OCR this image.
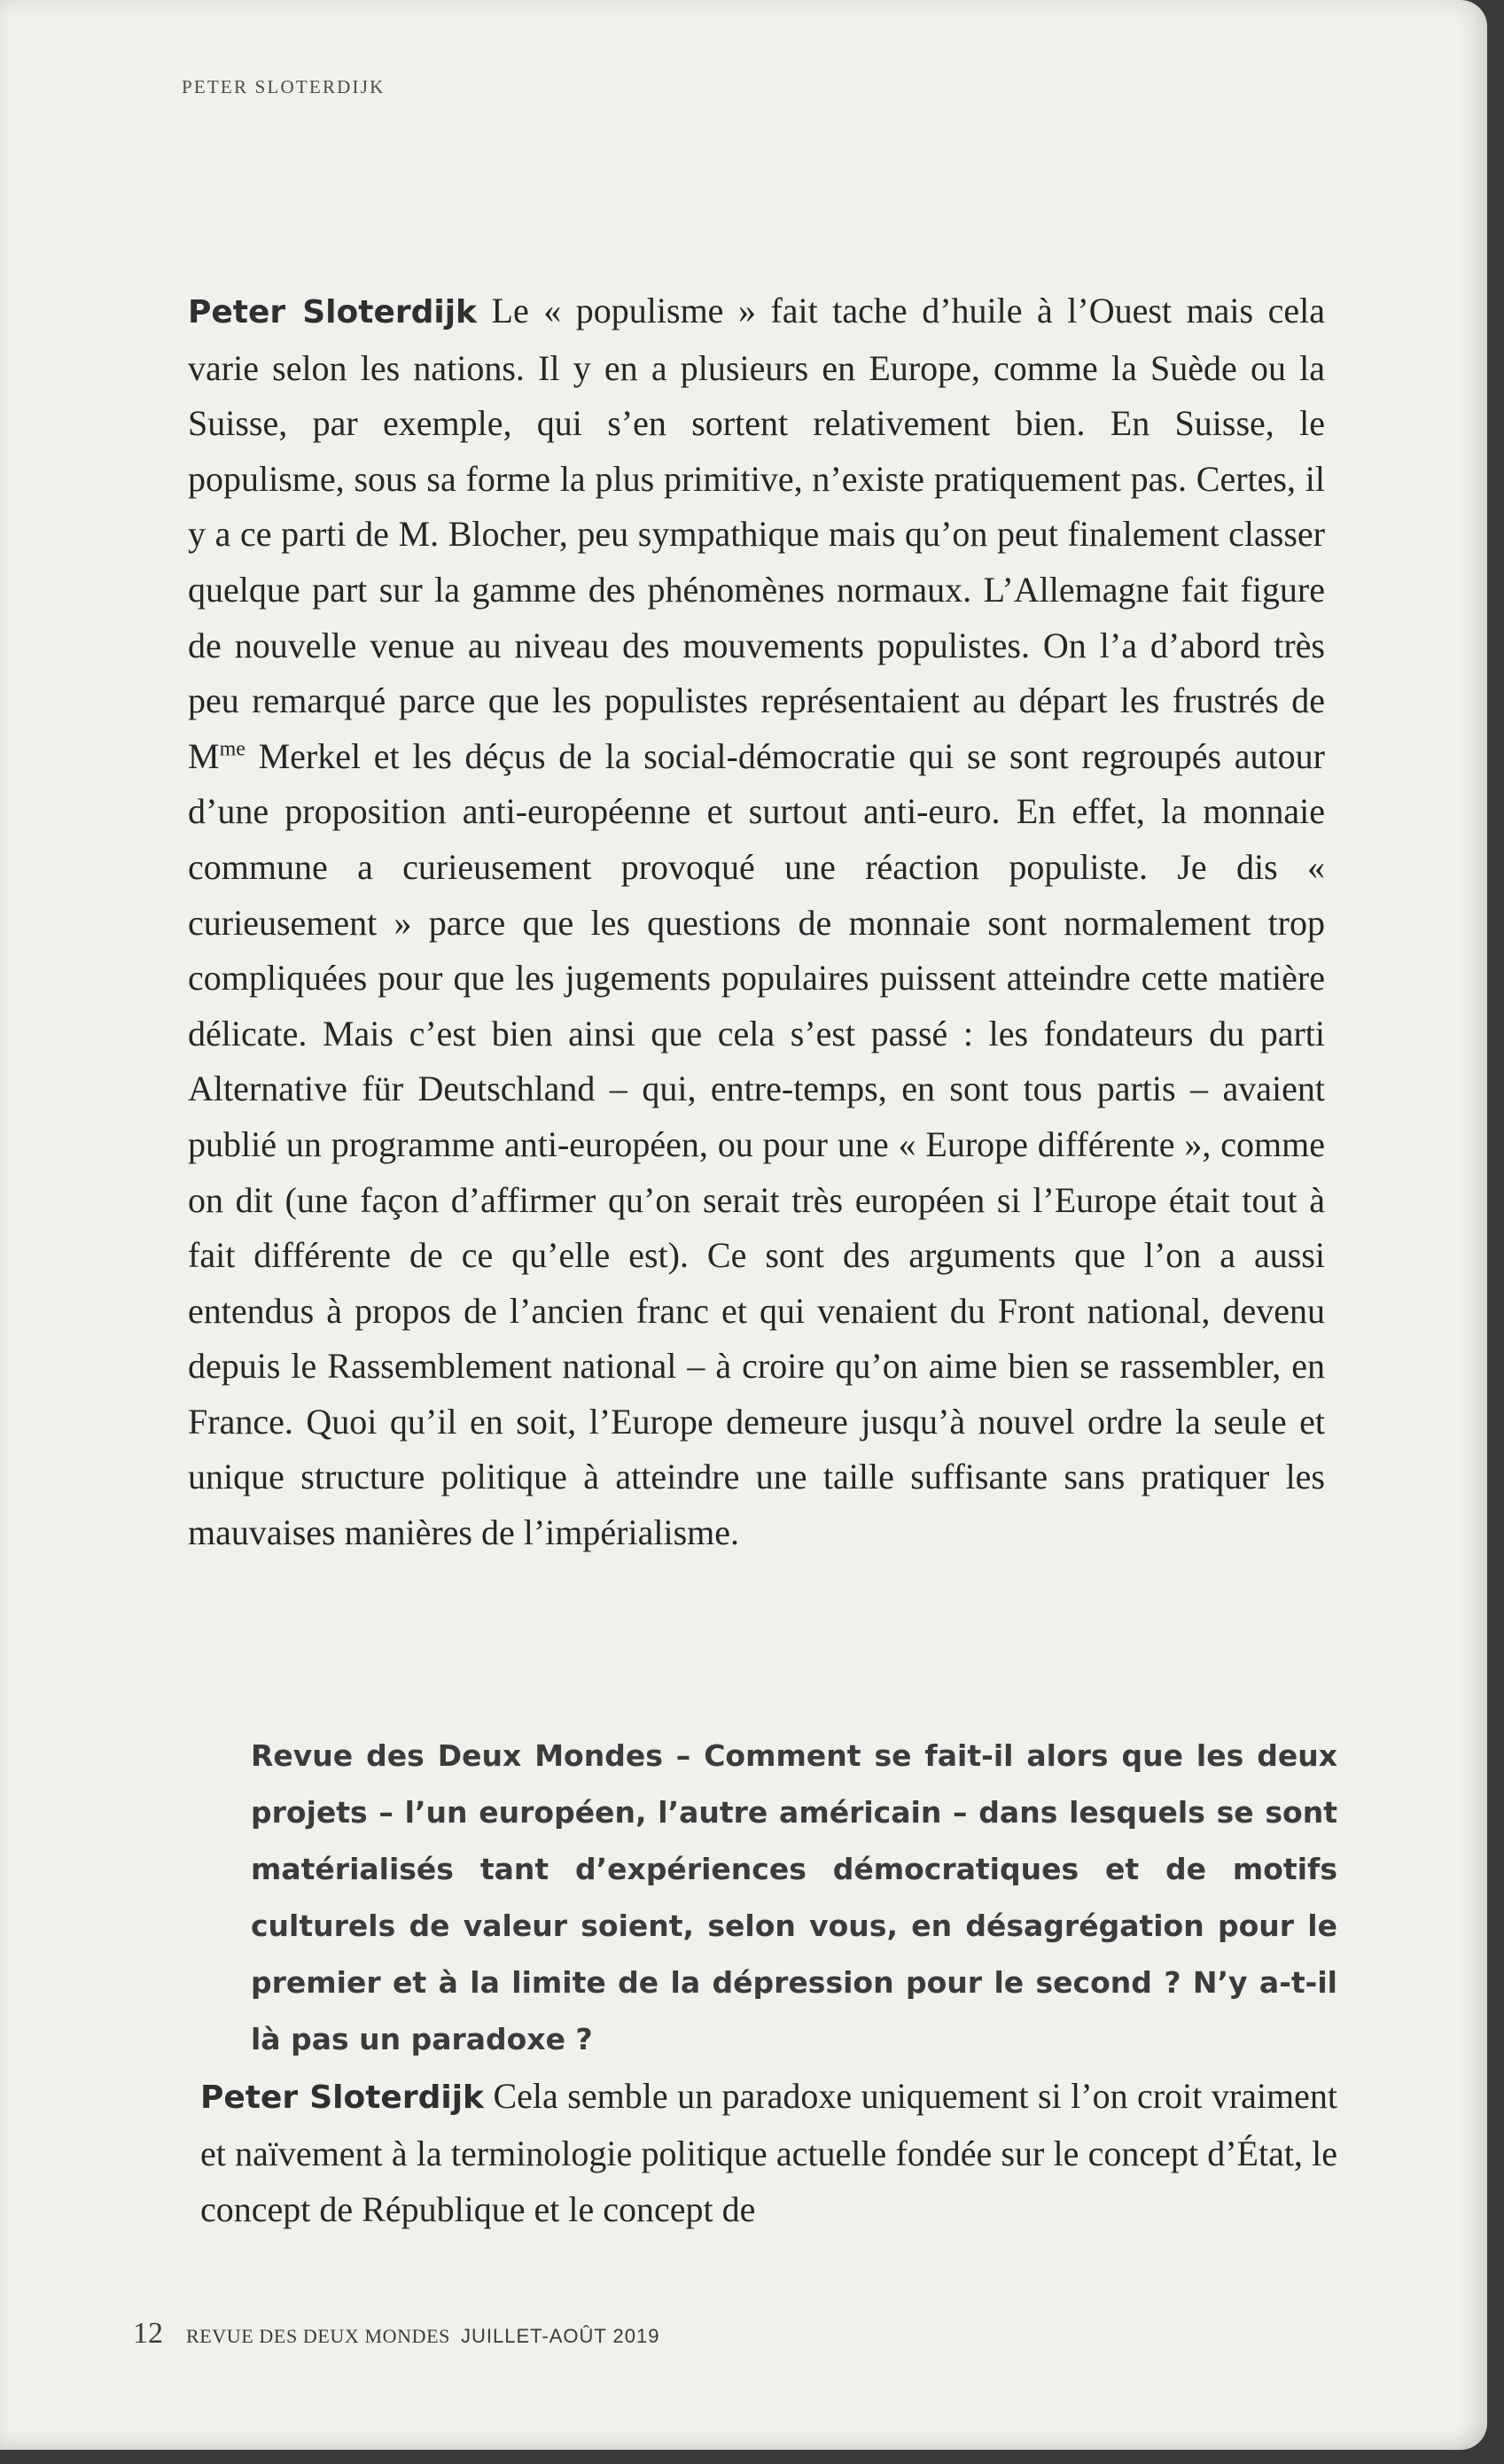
PETER SLOTERDIJK

Peter Sloterdijk Le « populisme » fait tache d’huile à l’Ouest mais cela varie selon les nations. Il y en a plusieurs en Europe, comme la Suède ou la Suisse, par exemple, qui s’en sortent relativement bien. En Suisse, le populisme, sous sa forme la plus primitive, n’existe pratiquement pas. Certes, il y a ce parti de M. Blocher, peu sympathique mais qu’on peut finalement classer quelque part sur la gamme des phénomènes normaux. L’Allemagne fait figure de nouvelle venue au niveau des mouvements populistes. On l’a d’abord très peu remarqué parce que les populistes représentaient au départ les frustrés de $M^{me}$ Merkel et les déçus de la social-démocratie qui se sont regroupés autour d’une proposition anti-européenne et surtout anti-euro. En effet, la monnaie commune a curieusement provoqué une réaction populiste. Je dis « curieusement » parce que les questions de monnaie sont normalement trop compliquées pour que les jugements populaires puissent atteindre cette matière délicate. Mais c’est bien ainsi que cela s’est passé : les fondateurs du parti Alternative für Deutschland – qui, entre-temps, en sont tous partis – avaient publié un programme anti-européen, ou pour une « Europe différente », comme on dit (une façon d’affirmer qu’on serait très européen si l’Europe était tout à fait différente de ce qu’elle est). Ce sont des arguments que l’on a aussi entendus à propos de l’ancien franc et qui venaient du Front national, devenu depuis le Rassemblement national – à croire qu’on aime bien se rassembler, en France. Quoi qu’il en soit, l’Europe demeure jusqu’à nouvel ordre la seule et unique structure politique à atteindre une taille suffisante sans pratiquer les mauvaises manières de l’impérialisme.

Revue des Deux Mondes – Comment se fait-il alors que les deux projets – l’un européen, l’autre américain – dans lesquels se sont matérialisés tant d’expériences démocratiques et de motifs culturels de valeur soient, selon vous, en désagrégation pour le premier et à la limite de la dépression pour le second ? N’y a-t-il là pas un paradoxe ?

Peter Sloterdijk Cela semble un paradoxe uniquement si l’on croit vraiment et naïvement à la terminologie politique actuelle fondée sur le concept d’État, le concept de République et le concept de

12 REVUE DES DEUX MONDES JUILLET-AOÛT 2019
